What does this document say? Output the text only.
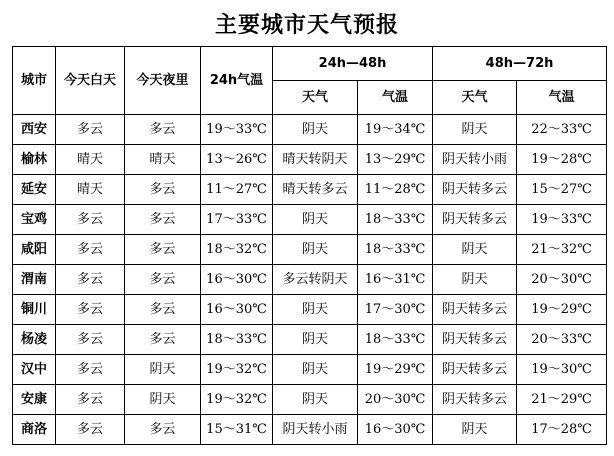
主要城市天气预报
城市	今天白天	今天夜里	24h气温	24h—48h		48h—72h	
				天气	气温	天气	气温
西安	多云	多云	19～33℃	阴天	19～34℃	阴天	22～33℃
榆林	晴天	晴天	13～26℃	晴天转阴天	13～29℃	阴天转小雨	19～28℃
延安	晴天	多云	11～27℃	晴天转多云	11～28℃	阴天转多云	15～27℃
宝鸡	多云	多云	17～33℃	阴天	18～33℃	阴天转多云	19～33℃
咸阳	多云	多云	18～32℃	阴天	18～33℃	阴天	21～32℃
渭南	多云	多云	16～30℃	多云转阴天	16～31℃	阴天	20～30℃
铜川	多云	多云	16～30℃	阴天	17～30℃	阴天转多云	19～29℃
杨凌	多云	多云	18～33℃	阴天	18～33℃	阴天转多云	20～33℃
汉中	多云	阴天	19～32℃	阴天	19～29℃	阴天转多云	19～30℃
安康	多云	阴天	19～32℃	阴天	20～30℃	阴天转多云	21～29℃
商洛	多云	多云	15～31℃	阴天转小雨	16～30℃	阴天	17～28℃
